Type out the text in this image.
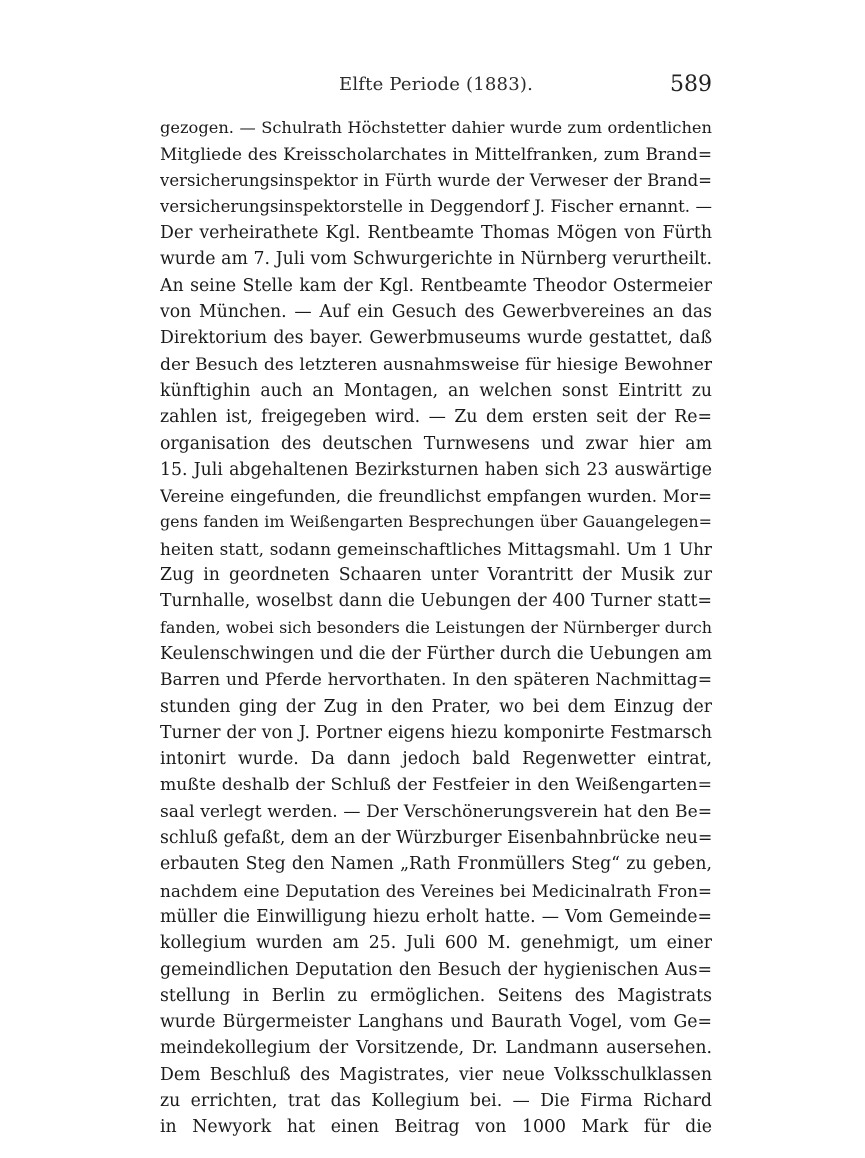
Elfte Periode (1883).	589
gezogen. — Schulrath Höchstetter dahier wurde zum ordentlichen
Mitgliede des Kreisscholarchates in Mittelfranken, zum Brand=
versicherungsinspektor in Fürth wurde der Verweser der Brand=
versicherungsinspektorstelle in Deggendorf J. Fischer ernannt. —
Der verheirathete Kgl. Rentbeamte Thomas Mögen von Fürth
wurde am 7. Juli vom Schwurgerichte in Nürnberg verurtheilt.
An seine Stelle kam der Kgl. Rentbeamte Theodor Ostermeier
von München. — Auf ein Gesuch des Gewerbvereines an das
Direktorium des bayer. Gewerbmuseums wurde gestattet, daß
der Besuch des letzteren ausnahmsweise für hiesige Bewohner
künftighin auch an Montagen, an welchen sonst Eintritt zu
zahlen ist, freigegeben wird. — Zu dem ersten seit der Re=
organisation des deutschen Turnwesens und zwar hier am
15. Juli abgehaltenen Bezirksturnen haben sich 23 auswärtige
Vereine eingefunden, die freundlichst empfangen wurden. Mor=
gens fanden im Weißengarten Besprechungen über Gauangelegen=
heiten statt, sodann gemeinschaftliches Mittagsmahl. Um 1 Uhr
Zug in geordneten Schaaren unter Vorantritt der Musik zur
Turnhalle, woselbst dann die Uebungen der 400 Turner statt=
fanden, wobei sich besonders die Leistungen der Nürnberger durch
Keulenschwingen und die der Fürther durch die Uebungen am
Barren und Pferde hervorthaten. In den späteren Nachmittag=
stunden ging der Zug in den Prater, wo bei dem Einzug der
Turner der von J. Portner eigens hiezu komponirte Festmarsch
intonirt wurde. Da dann jedoch bald Regenwetter eintrat,
mußte deshalb der Schluß der Festfeier in den Weißengarten=
saal verlegt werden. — Der Verschönerungsverein hat den Be=
schluß gefaßt, dem an der Würzburger Eisenbahnbrücke neu=
erbauten Steg den Namen „Rath Fronmüllers Steg“ zu geben,
nachdem eine Deputation des Vereines bei Medicinalrath Fron=
müller die Einwilligung hiezu erholt hatte. — Vom Gemeinde=
kollegium wurden am 25. Juli 600 M. genehmigt, um einer
gemeindlichen Deputation den Besuch der hygienischen Aus=
stellung in Berlin zu ermöglichen. Seitens des Magistrats
wurde Bürgermeister Langhans und Baurath Vogel, vom Ge=
meindekollegium der Vorsitzende, Dr. Landmann ausersehen.
Dem Beschluß des Magistrates, vier neue Volksschulklassen
zu errichten, trat das Kollegium bei. — Die Firma Richard
in Newyork hat einen Beitrag von 1000 Mark für die
